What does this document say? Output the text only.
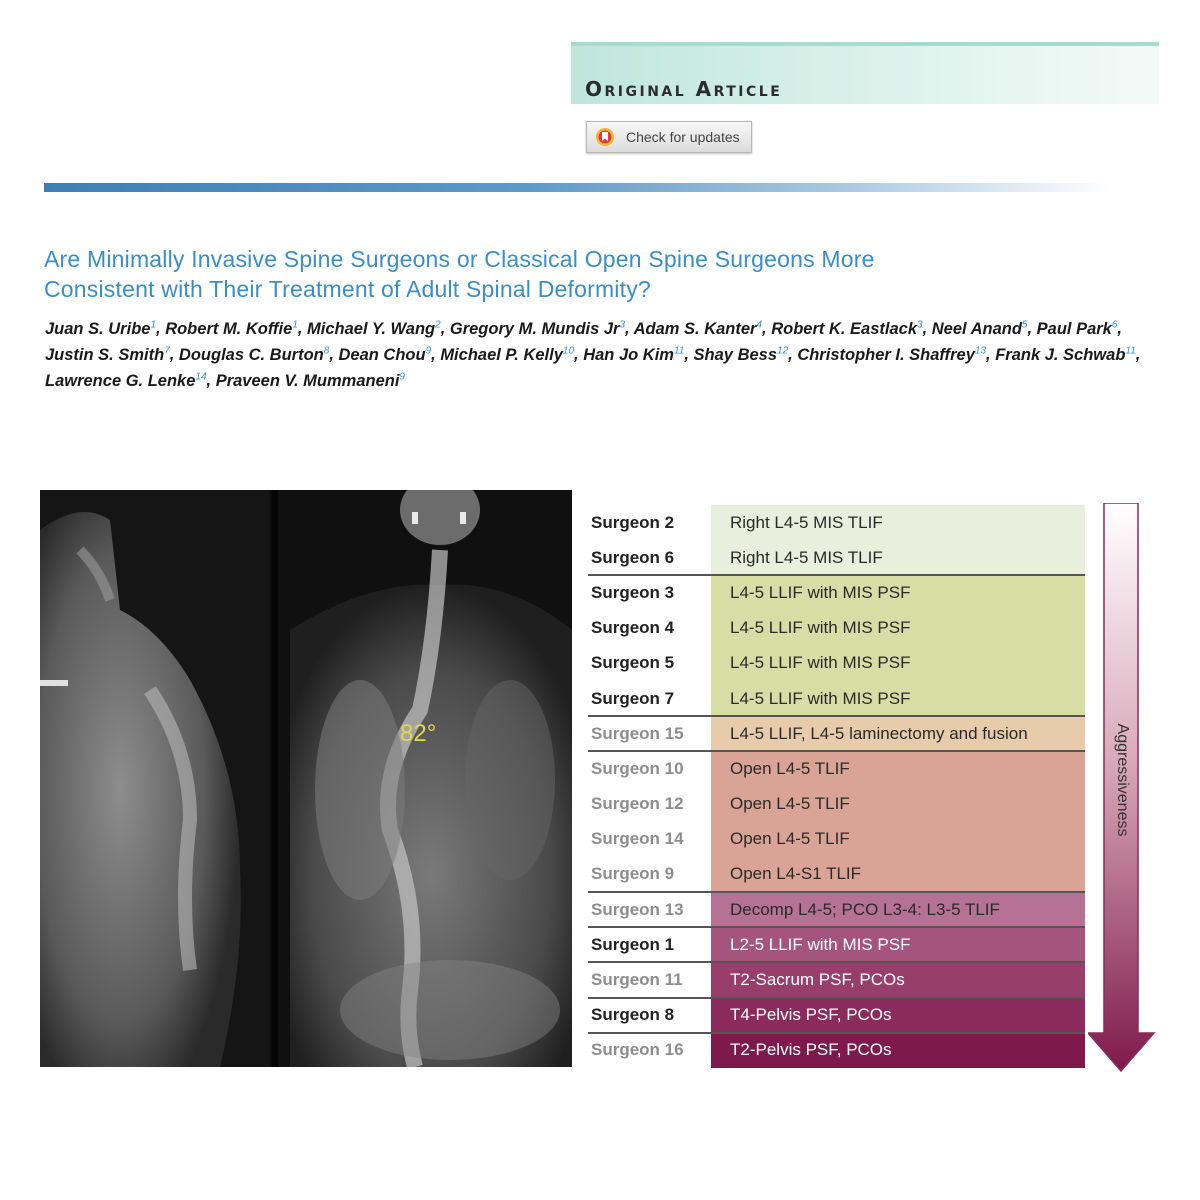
Original Article
Check for updates
Are Minimally Invasive Spine Surgeons or Classical Open Spine Surgeons More
Consistent with Their Treatment of Adult Spinal Deformity?
Juan S. Uribe$^1$, Robert M. Koffie$^1$, Michael Y. Wang$^2$, Gregory M. Mundis Jr$^3$, Adam S. Kanter$^4$, Robert K. Eastlack$^3$, Neel Anand$^5$, Paul Park$^6$, Justin S. Smith$^7$, Douglas C. Burton$^8$, Dean Chou$^9$, Michael P. Kelly$^{10}$, Han Jo Kim$^{11}$, Shay Bess$^{12}$, Christopher I. Shaffrey$^{13}$, Frank J. Schwab$^{11}$, Lawrence G. Lenke$^{14}$, Praveen V. Mummaneni$^9$
82°
Surgeon 2	Right L4-5 MIS TLIF
Surgeon 6	Right L4-5 MIS TLIF
Surgeon 3	L4-5 LLIF with MIS PSF
Surgeon 4	L4-5 LLIF with MIS PSF
Surgeon 5	L4-5 LLIF with MIS PSF
Surgeon 7	L4-5 LLIF with MIS PSF
Surgeon 15	L4-5 LLIF, L4-5 laminectomy and fusion
Surgeon 10	Open L4-5 TLIF
Surgeon 12	Open L4-5 TLIF
Surgeon 14	Open L4-5 TLIF
Surgeon 9	Open L4-S1 TLIF
Surgeon 13	Decomp L4-5; PCO L3-4: L3-5 TLIF
Surgeon 1	L2-5 LLIF with MIS PSF
Surgeon 11	T2-Sacrum PSF, PCOs
Surgeon 8	T4-Pelvis PSF, PCOs
Surgeon 16	T2-Pelvis PSF, PCOs
Aggressiveness
